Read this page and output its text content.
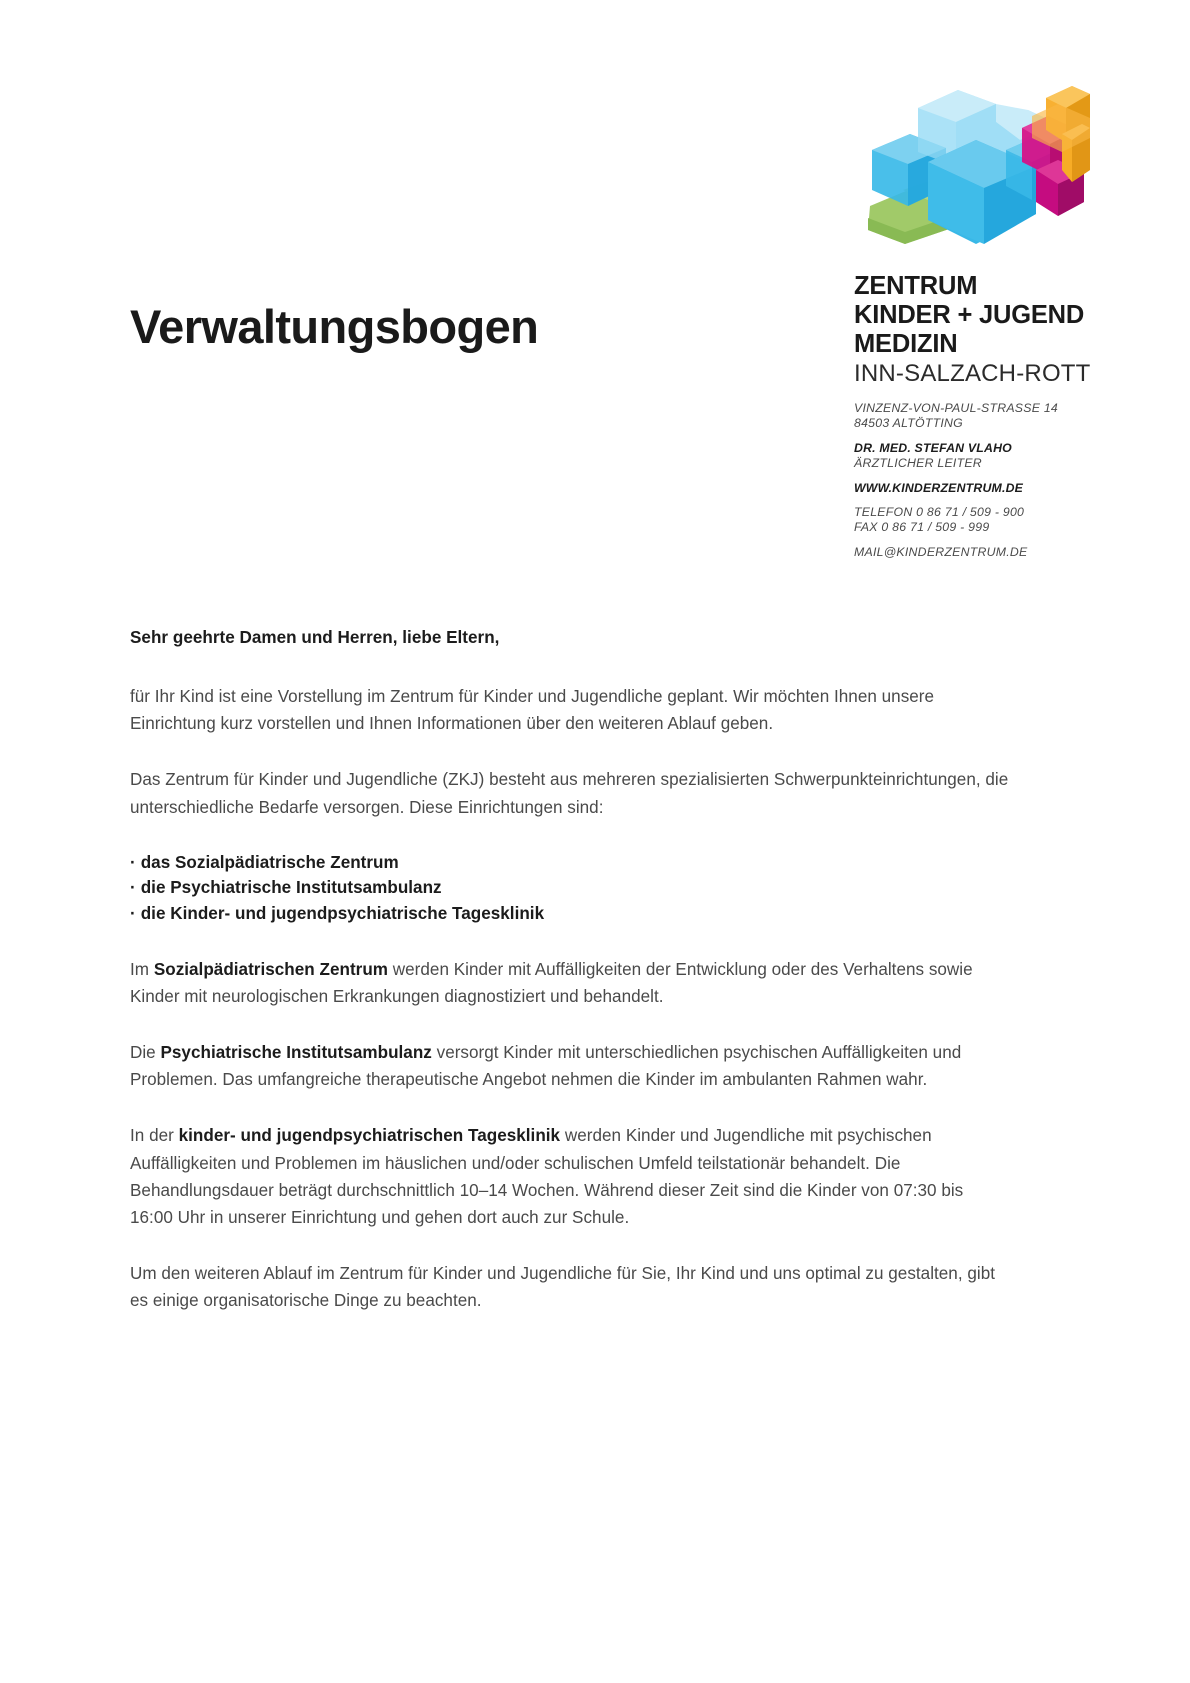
Verwaltungsbogen
ZENTRUM
KINDER + JUGEND
MEDIZIN
INN-SALZACH-ROTT
VINZENZ-VON-PAUL-STRASSE 14
84503 ALTÖTTING
DR. MED. STEFAN VLAHO
ÄRZTLICHER LEITER
WWW.KINDERZENTRUM.DE
TELEFON 0 86 71 / 509 - 900
FAX 0 86 71 / 509 - 999
MAIL@KINDERZENTRUM.DE

Sehr geehrte Damen und Herren, liebe Eltern,

für Ihr Kind ist eine Vorstellung im Zentrum für Kinder und Jugendliche geplant. Wir möchten Ihnen unsere Einrichtung kurz vorstellen und Ihnen Informationen über den weiteren Ablauf geben.

Das Zentrum für Kinder und Jugendliche (ZKJ) besteht aus mehreren spezialisierten Schwerpunkteinrichtungen, die unterschiedliche Bedarfe versorgen. Diese Einrichtungen sind:

· das Sozialpädiatrische Zentrum
· die Psychiatrische Institutsambulanz
· die Kinder- und jugendpsychiatrische Tagesklinik

Im Sozialpädiatrischen Zentrum werden Kinder mit Auffälligkeiten der Entwicklung oder des Verhaltens sowie Kinder mit neurologischen Erkrankungen diagnostiziert und behandelt.

Die Psychiatrische Institutsambulanz versorgt Kinder mit unterschiedlichen psychischen Auffälligkeiten und Problemen. Das umfangreiche therapeutische Angebot nehmen die Kinder im ambulanten Rahmen wahr.

In der kinder- und jugendpsychiatrischen Tagesklinik werden Kinder und Jugendliche mit psychischen Auffälligkeiten und Problemen im häuslichen und/oder schulischen Umfeld teilstationär behandelt. Die Behandlungsdauer beträgt durchschnittlich 10–14 Wochen. Während dieser Zeit sind die Kinder von 07:30 bis 16:00 Uhr in unserer Einrichtung und gehen dort auch zur Schule.

Um den weiteren Ablauf im Zentrum für Kinder und Jugendliche für Sie, Ihr Kind und uns optimal zu gestalten, gibt es einige organisatorische Dinge zu beachten.
